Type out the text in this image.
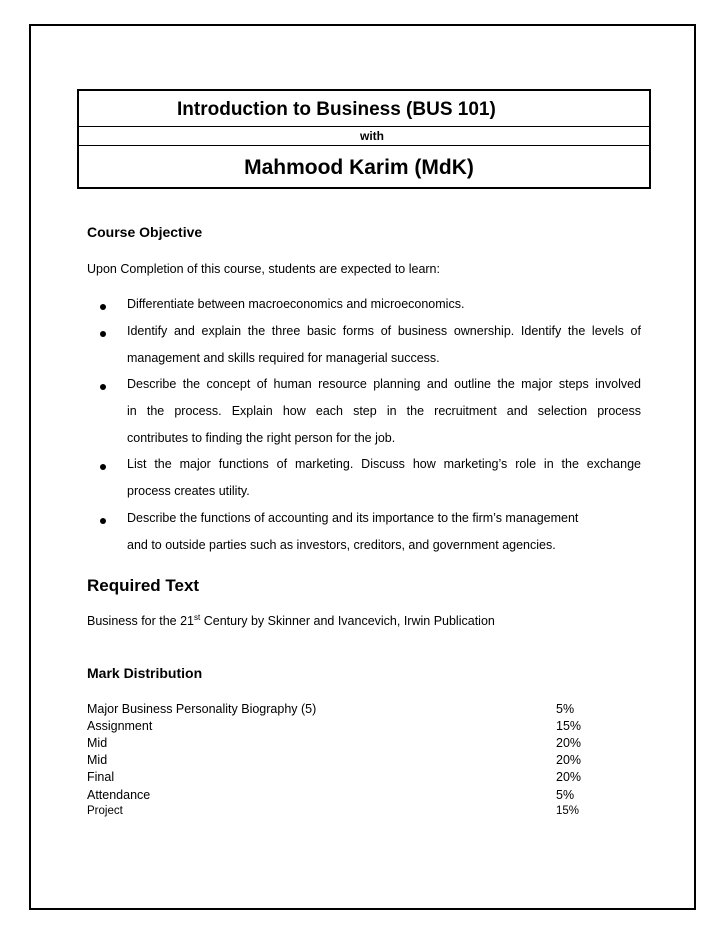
Introduction to Business (BUS 101)
with
Mahmood Karim (MdK)
Course Objective
Upon Completion of this course, students are expected to learn:
Differentiate between macroeconomics and microeconomics.
Identify and explain the three basic forms of business ownership. Identify the levels of
management and skills required for managerial success.
Describe the concept of human resource planning and outline the major steps involved
in the process. Explain how each step in the recruitment and selection process
contributes to finding the right person for the job.
List the major functions of marketing. Discuss how marketing’s role in the exchange
process creates utility.
Describe the functions of accounting and its importance to the firm’s management
and to outside parties such as investors, creditors, and government agencies.
Required Text
Business for the 21st Century by Skinner and Ivancevich, Irwin Publication
Mark Distribution
Major Business Personality Biography (5)	5%
Assignment	15%
Mid	20%
Mid	20%
Final	20%
Attendance	5%
Project	15%
